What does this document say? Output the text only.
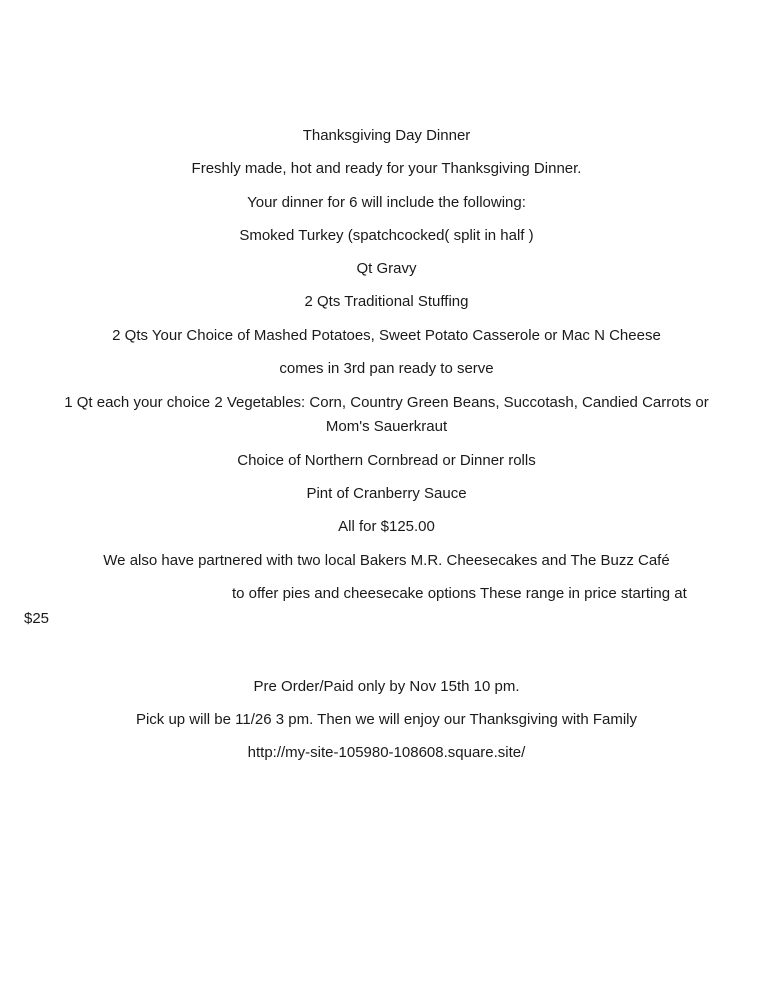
Thanksgiving Day Dinner
Freshly made, hot and ready for your Thanksgiving Dinner.
Your dinner for 6 will include the following:
Smoked Turkey (spatchcocked( split in half )
Qt Gravy
2 Qts Traditional Stuffing
2 Qts Your Choice of Mashed Potatoes, Sweet Potato Casserole or Mac N Cheese
comes in 3rd pan ready to serve
1 Qt each your choice 2 Vegetables: Corn, Country Green Beans, Succotash, Candied Carrots or
Mom's Sauerkraut
Choice of Northern Cornbread or Dinner rolls
Pint of Cranberry Sauce
All for $125.00
We also have partnered with two local Bakers M.R. Cheesecakes and The Buzz Café
to offer pies and cheesecake options These range in price starting at
$25
Pre Order/Paid only by Nov 15th 10 pm.
Pick up will be 11/26 3 pm. Then we will enjoy our Thanksgiving with Family
http://my-site-105980-108608.square.site/
